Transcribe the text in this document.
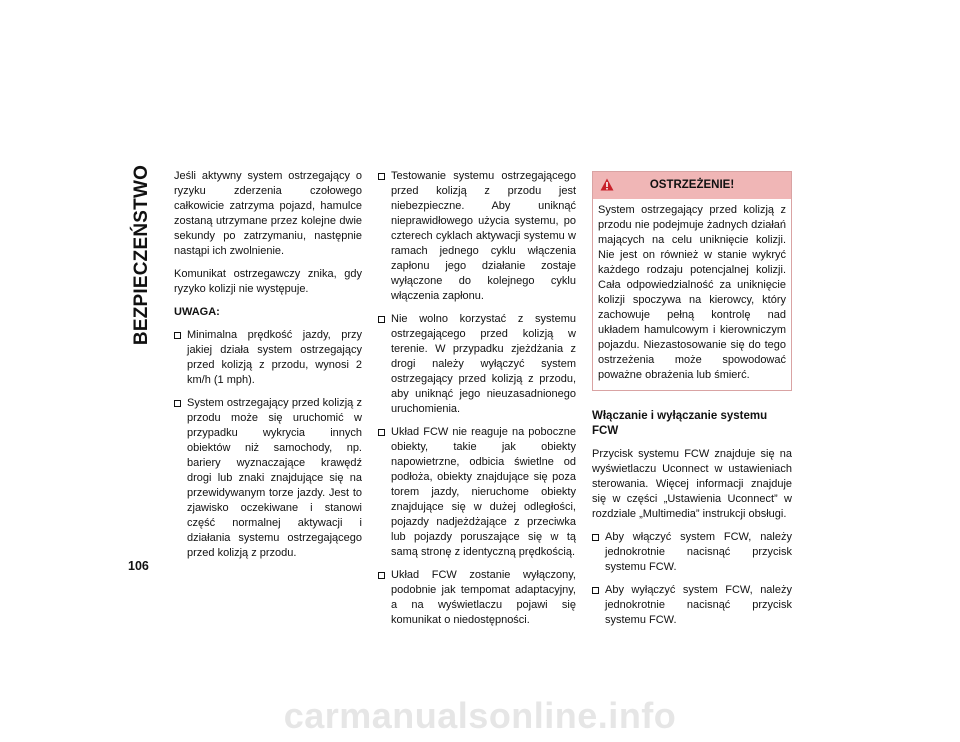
BEZPIECZEŃSTWO
106

Jeśli aktywny system ostrzegający o ryzyku zderzenia czołowego całkowicie zatrzyma pojazd, hamulce zostaną utrzymane przez kolejne dwie sekundy po zatrzymaniu, następnie nastąpi ich zwolnienie.

Komunikat ostrzegawczy znika, gdy ryzyko kolizji nie występuje.

UWAGA:

Minimalna prędkość jazdy, przy jakiej działa system ostrzegający przed kolizją z przodu, wynosi 2 km/h (1 mph).
System ostrzegający przed kolizją z przodu może się uruchomić w przypadku wykrycia innych obiektów niż samochody, np. bariery wyznaczające krawędź drogi lub znaki znajdujące się na przewidywanym torze jazdy. Jest to zjawisko oczekiwane i stanowi część normalnej aktywacji i działania systemu ostrzegającego przed kolizją z przodu.
Testowanie systemu ostrzegającego przed kolizją z przodu jest niebezpieczne. Aby uniknąć nieprawidłowego użycia systemu, po czterech cyklach aktywacji systemu w ramach jednego cyklu włączenia zapłonu jego działanie zostaje wyłączone do kolejnego cyklu włączenia zapłonu.
Nie wolno korzystać z systemu ostrzegającego przed kolizją w terenie. W przypadku zjeżdżania z drogi należy wyłączyć system ostrzegający przed kolizją z przodu, aby uniknąć jego nieuzasadnionego uruchomienia.
Układ FCW nie reaguje na poboczne obiekty, takie jak obiekty napowietrzne, odbicia świetlne od podłoża, obiekty znajdujące się poza torem jazdy, nieruchome obiekty znajdujące się w dużej odległości, pojazdy nadjeżdżające z przeciwka lub pojazdy poruszające się w tą samą stronę z identyczną prędkością.
Układ FCW zostanie wyłączony, podobnie jak tempomat adaptacyjny, a na wyświetlaczu pojawi się komunikat o niedostępności.
OSTRZEŻENIE!
System ostrzegający przed kolizją z przodu nie podejmuje żadnych działań mających na celu uniknięcie kolizji. Nie jest on również w stanie wykryć każdego rodzaju potencjalnej kolizji. Cała odpowiedzialność za uniknięcie kolizji spoczywa na kierowcy, który zachowuje pełną kontrolę nad układem hamulcowym i kierowniczym pojazdu. Niezastosowanie się do tego ostrzeżenia może spowodować poważne obrażenia lub śmierć.
Włączanie i wyłączanie systemu FCW

Przycisk systemu FCW znajduje się na wyświetlaczu Uconnect w ustawieniach sterowania. Więcej informacji znajduje się w części „Ustawienia Uconnect” w rozdziale „Multimedia” instrukcji obsługi.

Aby włączyć system FCW, należy jednokrotnie nacisnąć przycisk systemu FCW.
Aby wyłączyć system FCW, należy jednokrotnie nacisnąć przycisk systemu FCW.
carmanualsonline.info
